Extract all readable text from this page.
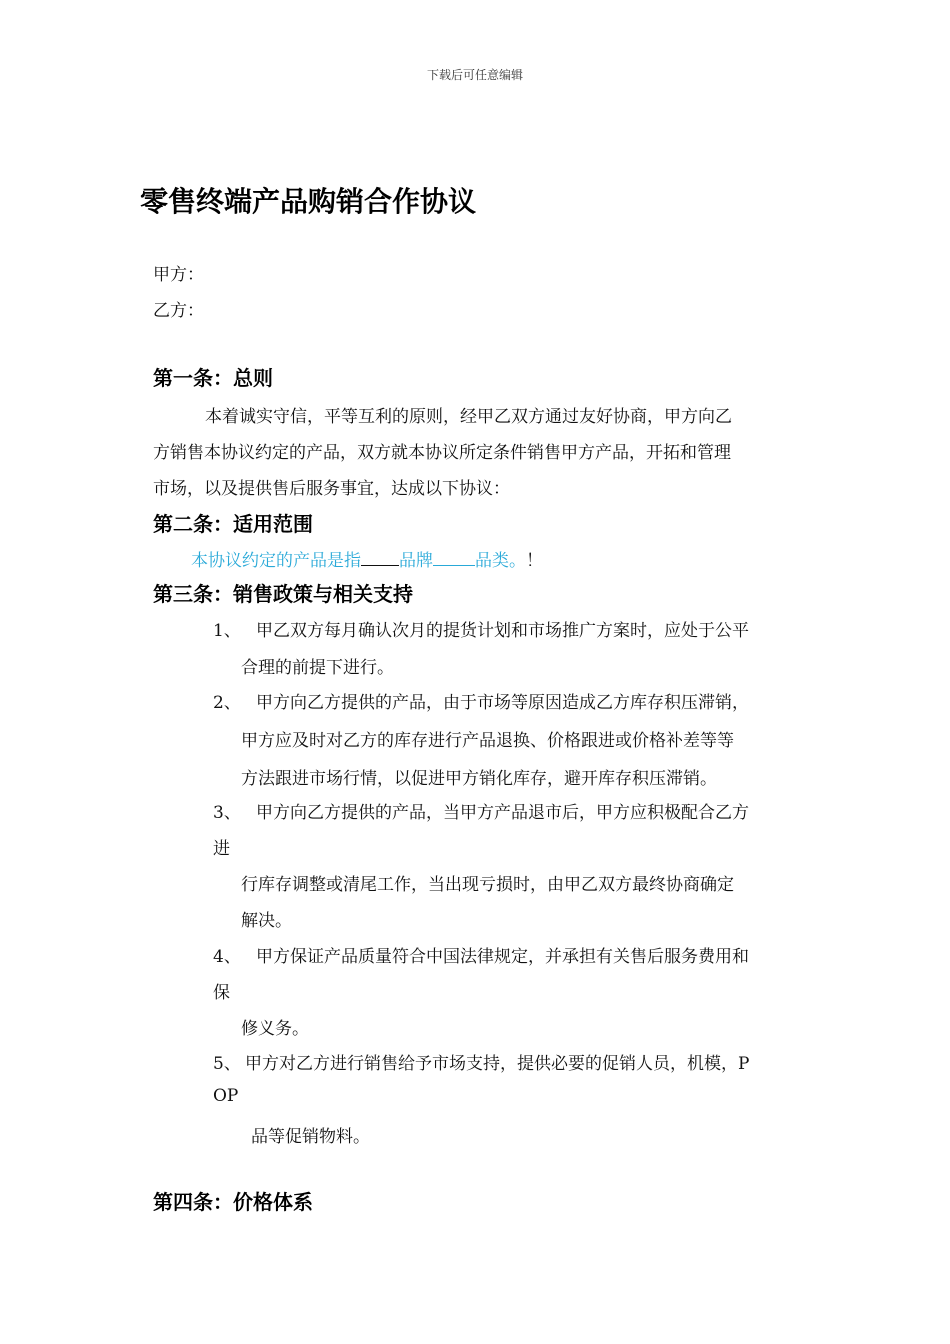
下载后可任意编辑
零售终端产品购销合作协议
甲方：
乙方：
第一条：总则
本着诚实守信，平等互利的原则，经甲乙双方通过友好协商，甲方向乙
方销售本协议约定的产品，双方就本协议所定条件销售甲方产品，开拓和管理
市场，以及提供售后服务事宜，达成以下协议：
第二条：适用范围
本协议约定的产品是指 品牌 品类。！
第三条：销售政策与相关支持
1、 甲乙双方每月确认次月的提货计划和市场推广方案时，应处于公平
合理的前提下进行。
2、 甲方向乙方提供的产品，由于市场等原因造成乙方库存积压滞销，
甲方应及时对乙方的库存进行产品退换、价格跟进或价格补差等等
方法跟进市场行情，以促进甲方销化库存，避开库存积压滞销。
3、 甲方向乙方提供的产品，当甲方产品退市后，甲方应积极配合乙方
进
行库存调整或清尾工作，当出现亏损时，由甲乙双方最终协商确定
解决。
4、 甲方保证产品质量符合中国法律规定，并承担有关售后服务费用和
保
修义务。
5、 甲方对乙方进行销售给予市场支持，提供必要的促销人员，机模，P
OP
品等促销物料。
第四条：价格体系
